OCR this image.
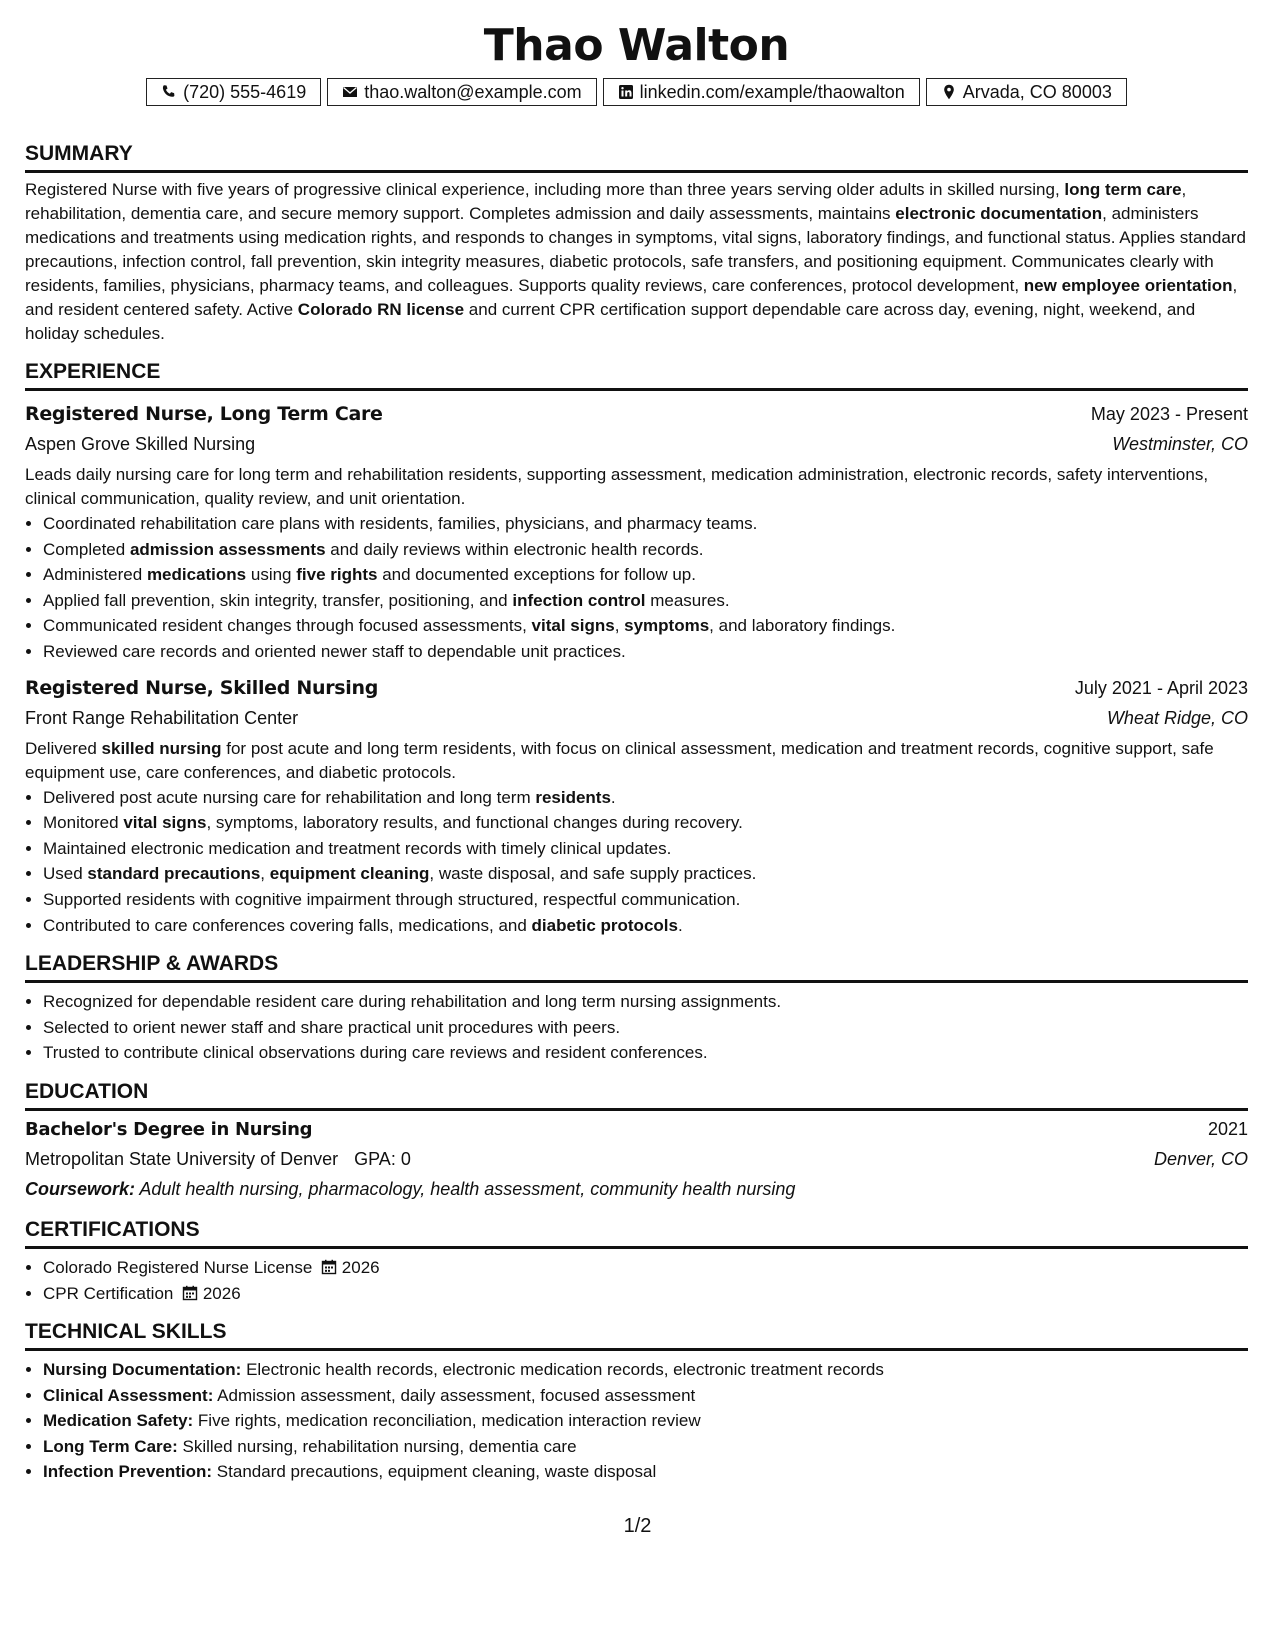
Thao Walton
(720) 555-4619	thao.walton@example.com	linkedin.com/example/thaowalton	Arvada, CO 80003
SUMMARY

Registered Nurse with five years of progressive clinical experience, including more than three years serving older adults in skilled nursing, long term care, rehabilitation, dementia care, and secure memory support. Completes admission and daily assessments, maintains electronic documentation, administers medications and treatments using medication rights, and responds to changes in symptoms, vital signs, laboratory findings, and functional status. Applies standard precautions, infection control, fall prevention, skin integrity measures, diabetic protocols, safe transfers, and positioning equipment. Communicates clearly with residents, families, physicians, pharmacy teams, and colleagues. Supports quality reviews, care conferences, protocol development, new employee orientation, and resident centered safety. Active Colorado RN license and current CPR certification support dependable care across day, evening, night, weekend, and holiday schedules.

EXPERIENCE
Registered Nurse, Long Term Care	May 2023 - Present
Aspen Grove Skilled Nursing	Westminster, CO

Leads daily nursing care for long term and rehabilitation residents, supporting assessment, medication administration, electronic records, safety interventions, clinical communication, quality review, and unit orientation.

• Coordinated rehabilitation care plans with residents, families, physicians, and pharmacy teams.
• Completed admission assessments and daily reviews within electronic health records.
• Administered medications using five rights and documented exceptions for follow up.
• Applied fall prevention, skin integrity, transfer, positioning, and infection control measures.
• Communicated resident changes through focused assessments, vital signs, symptoms, and laboratory findings.
• Reviewed care records and oriented newer staff to dependable unit practices.
Registered Nurse, Skilled Nursing	July 2021 - April 2023
Front Range Rehabilitation Center	Wheat Ridge, CO

Delivered skilled nursing for post acute and long term residents, with focus on clinical assessment, medication and treatment records, cognitive support, safe equipment use, care conferences, and diabetic protocols.

• Delivered post acute nursing care for rehabilitation and long term residents.
• Monitored vital signs, symptoms, laboratory results, and functional changes during recovery.
• Maintained electronic medication and treatment records with timely clinical updates.
• Used standard precautions, equipment cleaning, waste disposal, and safe supply practices.
• Supported residents with cognitive impairment through structured, respectful communication.
• Contributed to care conferences covering falls, medications, and diabetic protocols.
LEADERSHIP & AWARDS
• Recognized for dependable resident care during rehabilitation and long term nursing assignments.
• Selected to orient newer staff and share practical unit procedures with peers.
• Trusted to contribute clinical observations during care reviews and resident conferences.
EDUCATION
Bachelor's Degree in Nursing	2021
Metropolitan State University of Denver GPA: 0	Denver, CO
Coursework: Adult health nursing, pharmacology, health assessment, community health nursing
CERTIFICATIONS
• Colorado Registered Nurse License 2026
• CPR Certification 2026
TECHNICAL SKILLS
• Nursing Documentation: Electronic health records, electronic medication records, electronic treatment records
• Clinical Assessment: Admission assessment, daily assessment, focused assessment
• Medication Safety: Five rights, medication reconciliation, medication interaction review
• Long Term Care: Skilled nursing, rehabilitation nursing, dementia care
• Infection Prevention: Standard precautions, equipment cleaning, waste disposal
1/2
